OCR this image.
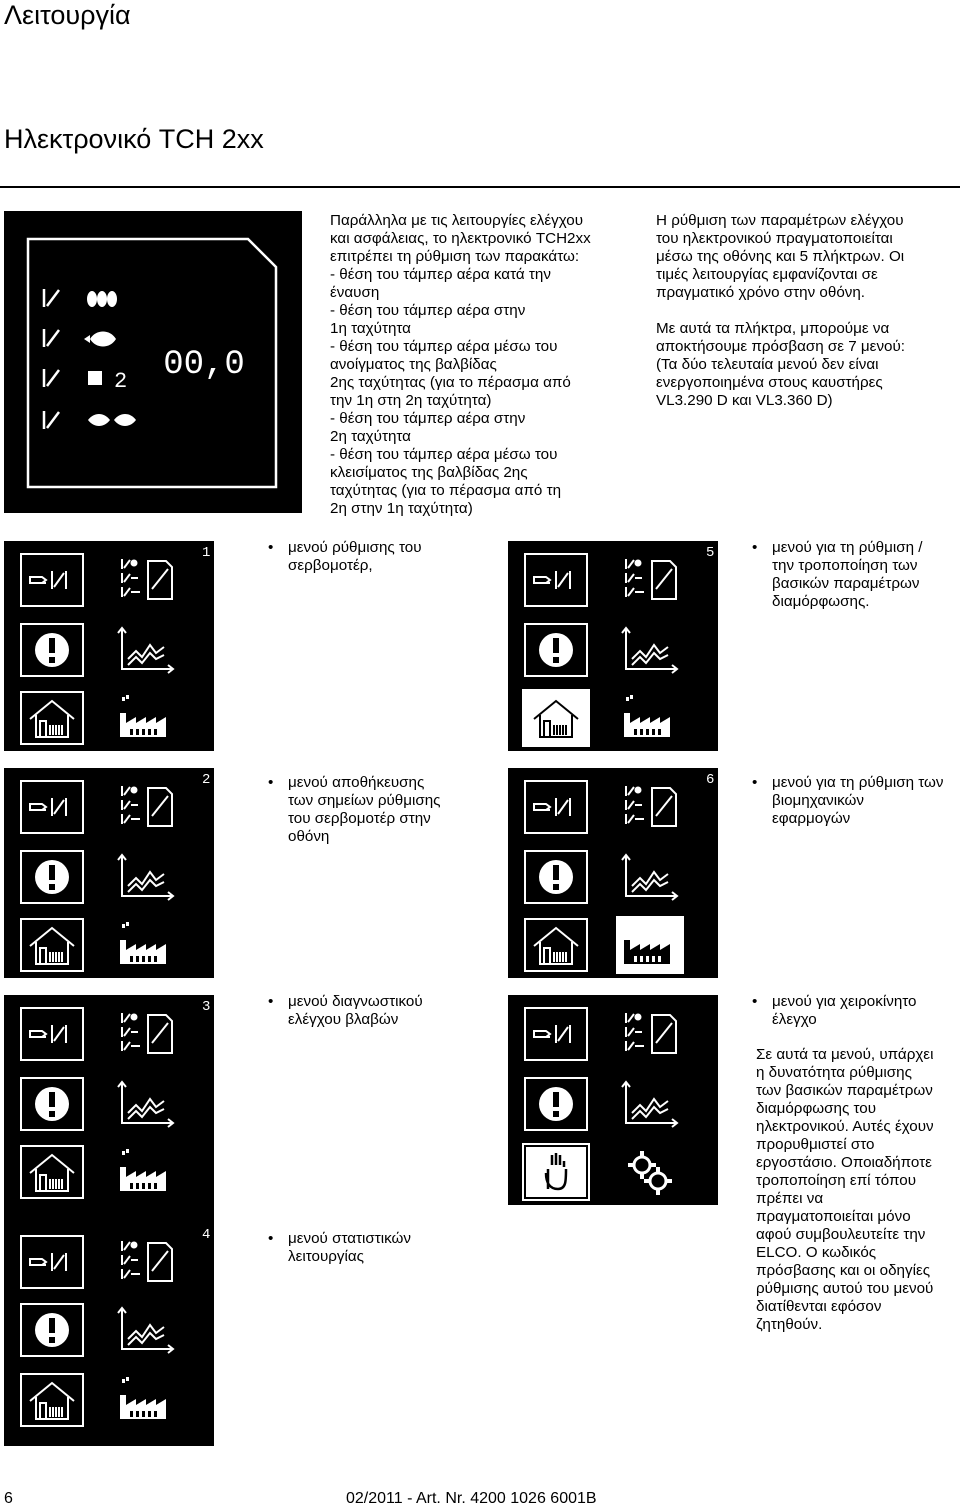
Λειτουργία
Ηλεκτρονικό TCH 2xx
2 00,0
Παράλληλα με τις λειτουργίες ελέγχου
και ασφάλειας, το ηλεκτρονικό TCH2xx
επιτρέπει τη ρύθμιση των παρακάτω:
- θέση του τάμπερ αέρα κατά την
έναυση
- θέση του τάμπερ αέρα στην
1η ταχύτητα
- θέση του τάμπερ αέρα μέσω του
ανοίγματος της βαλβίδας
2ης ταχύτητας (για το πέρασμα από
την 1η στη 2η ταχύτητα)
- θέση του τάμπερ αέρα στην
2η ταχύτητα
- θέση του τάμπερ αέρα μέσω του
κλεισίματος της βαλβίδας 2ης
ταχύτητας (για το πέρασμα από τη
2η στην 1η ταχύτητα)
Η ρύθμιση των παραμέτρων ελέγχου
του ηλεκτρονικού πραγματοποιείται
μέσω της οθόνης και 5 πλήκτρων. Οι
τιμές λειτουργίας εμφανίζονται σε
πραγματικό χρόνο στην οθόνη.
Με αυτά τα πλήκτρα, μπορούμε να
αποκτήσουμε πρόσβαση σε 7 μενού:
(Τα δύο τελευταία μενού δεν είναι
ενεργοποιημένα στους καυστήρες
VL3.290 D και VL3.360 D)
1	• μενού ρύθμισης του
σερβομοτέρ,
5 • μενού για τη ρύθμιση /
την τροποποίηση των
βασικών παραμέτρων
διαμόρφωσης.
2	• μενού αποθήκευσης
των σημείων ρύθμισης
του σερβομοτέρ στην
οθόνη
6 • μενού για τη ρύθμιση των
βιομηχανικών
εφαρμογών
3
4
• μενού διαγνωστικού
ελέγχου βλαβών
• μενού στατιστικών
λειτουργίας
• μενού για χειροκίνητο
έλεγχο
Σε αυτά τα μενού, υπάρχει
η δυνατότητα ρύθμισης
των βασικών παραμέτρων
διαμόρφωσης του
ηλεκτρονικού. Αυτές έχουν
προρυθμιστεί στο
εργοστάσιο. Οποιαδήποτε
τροποποίηση επί τόπου
πρέπει να
πραγματοποιείται μόνο
αφού συμβουλευτείτε την
ELCO. Ο κωδικός
πρόσβασης και οι οδηγίες
ρύθμισης αυτού του μενού
διατίθενται εφόσον
ζητηθούν.
6	02/2011 - Art. Nr. 4200 1026 6001B
